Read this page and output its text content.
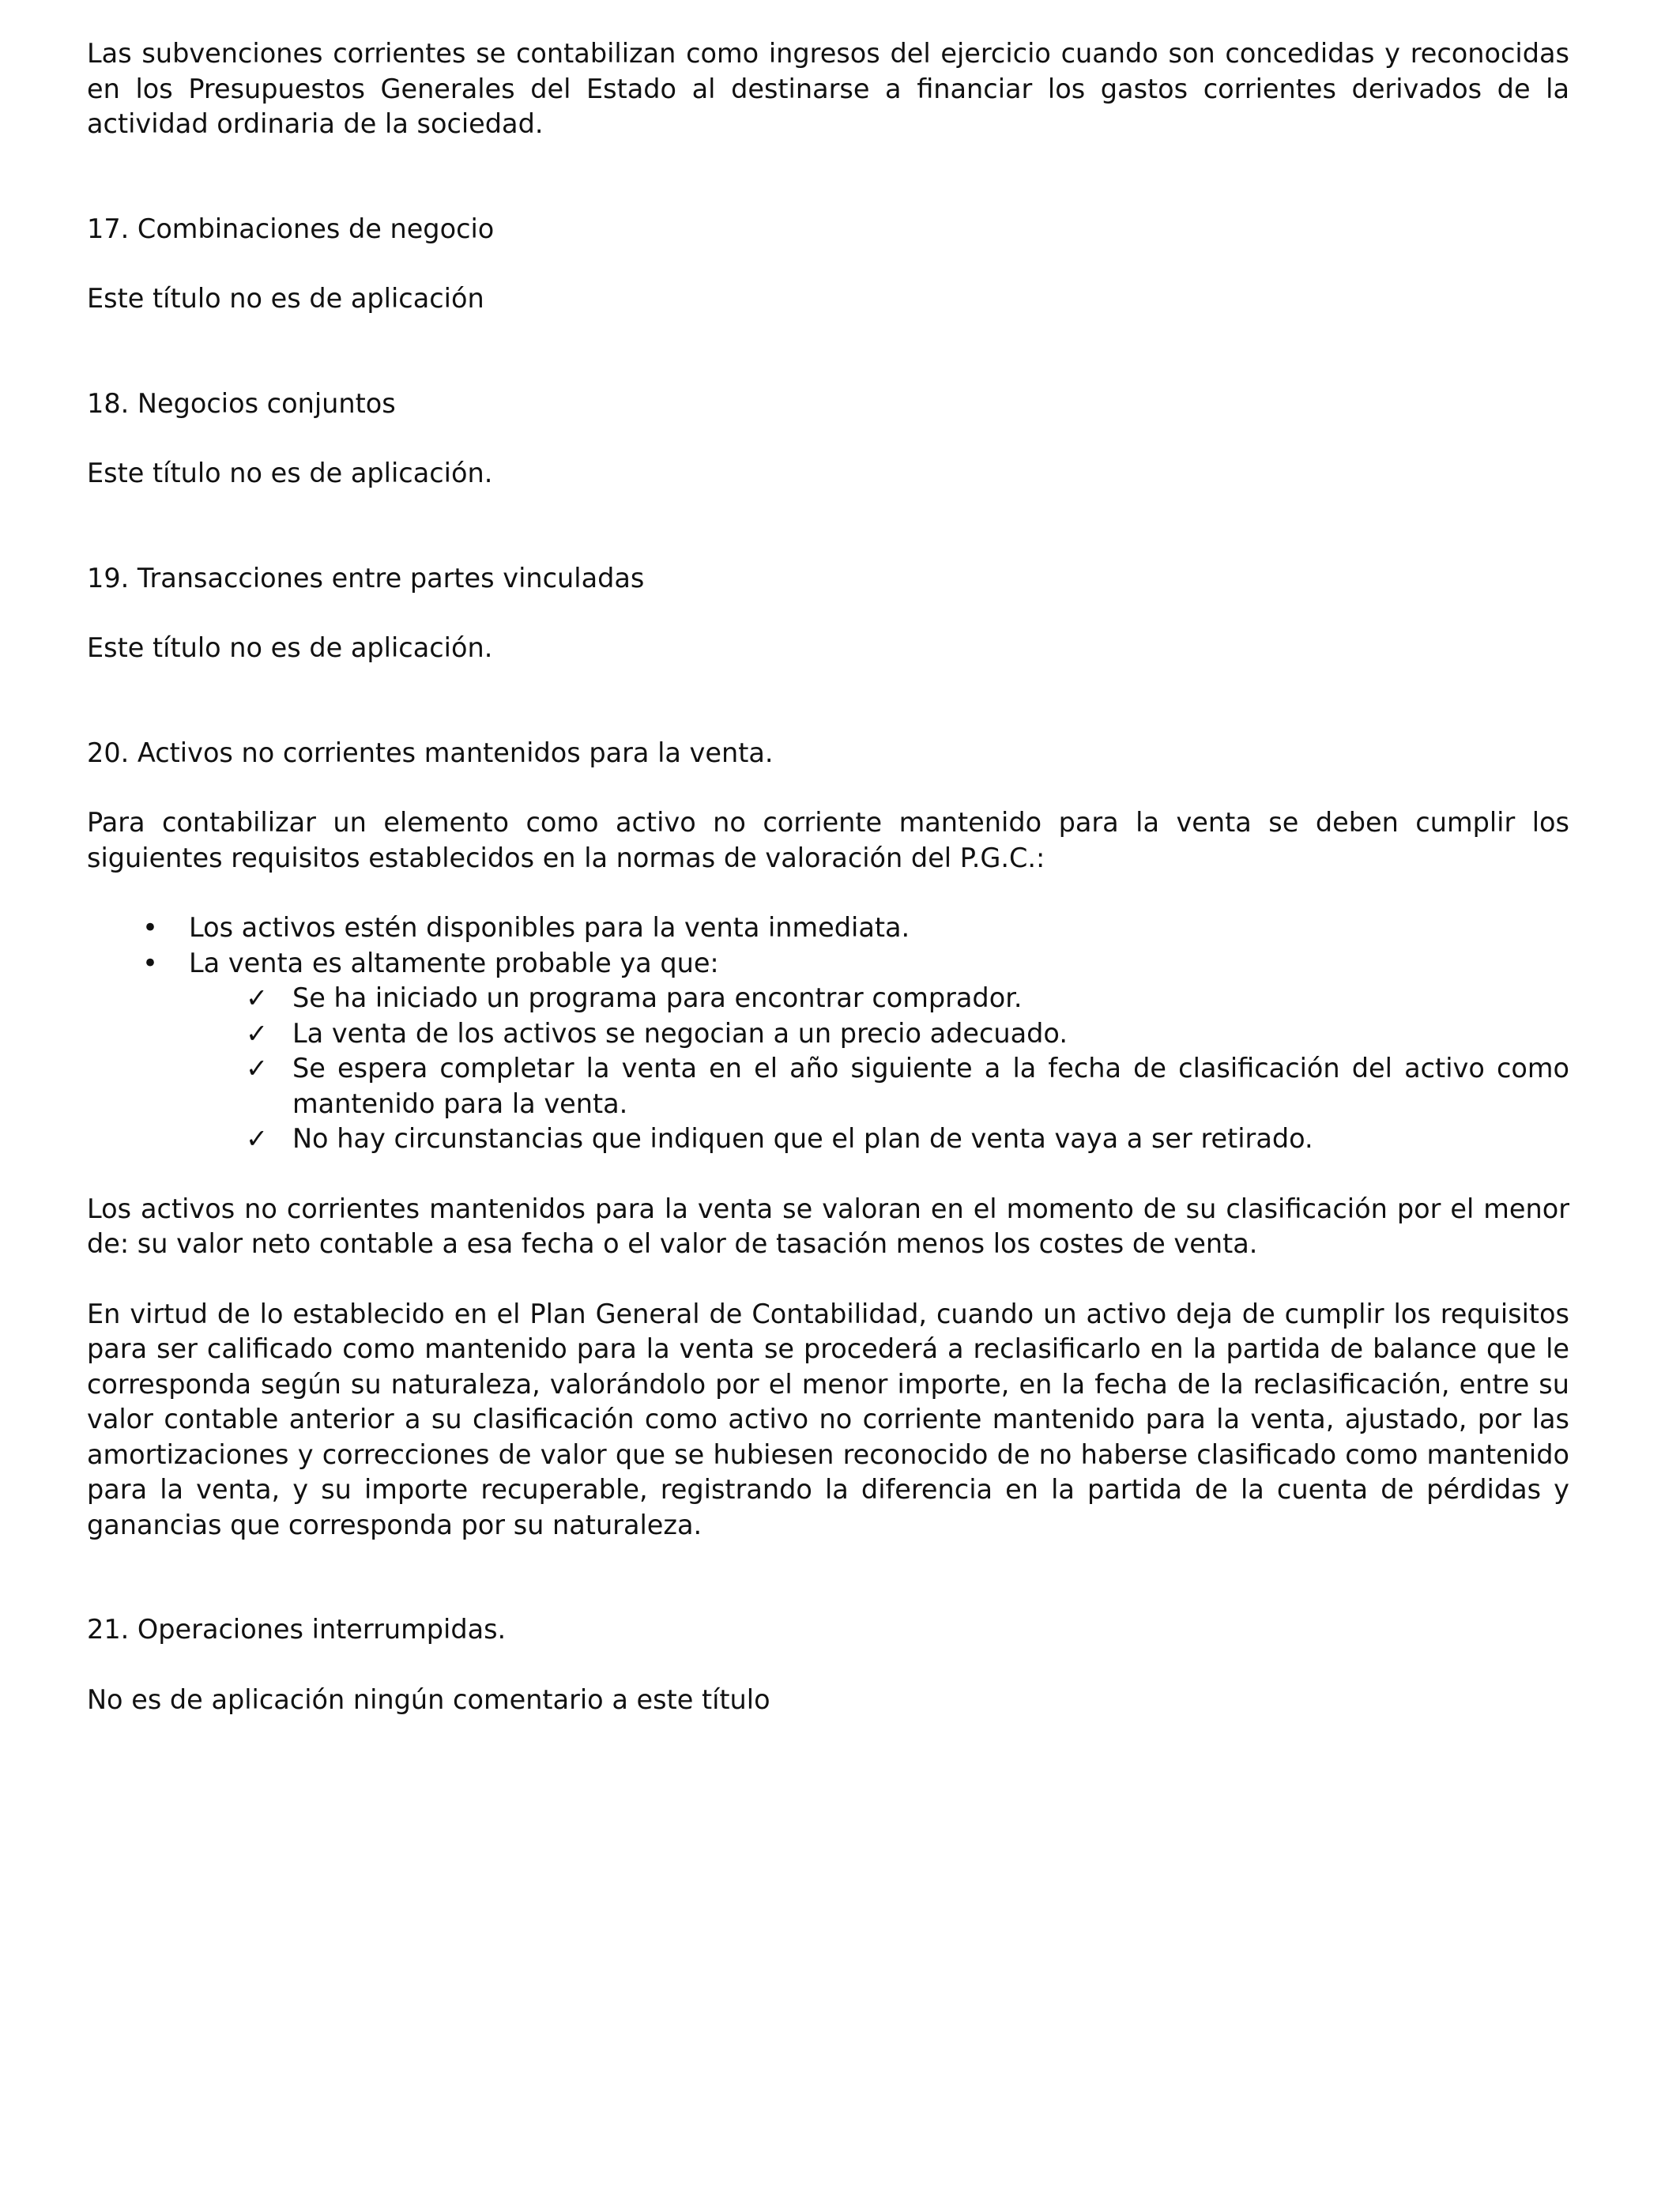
Las subvenciones corrientes se contabilizan como ingresos del ejercicio cuando son concedidas y reconocidas en los Presupuestos Generales del Estado al destinarse a financiar los gastos corrientes derivados de la actividad ordinaria de la sociedad.

17. Combinaciones de negocio

Este título no es de aplicación

18. Negocios conjuntos

Este título no es de aplicación.

19. Transacciones entre partes vinculadas

Este título no es de aplicación.

20. Activos no corrientes mantenidos para la venta.

Para contabilizar un elemento como activo no corriente mantenido para la venta se deben cumplir los siguientes requisitos establecidos en la normas de valoración del P.G.C.:

• Los activos estén disponibles para la venta inmediata.
• La venta es altamente probable ya que:
✓ Se ha iniciado un programa para encontrar comprador.
✓ La venta de los activos se negocian a un precio adecuado.
✓ Se espera completar la venta en el año siguiente a la fecha de clasificación del activo como mantenido para la venta.
✓ No hay circunstancias que indiquen que el plan de venta vaya a ser retirado.

Los activos no corrientes mantenidos para la venta se valoran en el momento de su clasificación por el menor de: su valor neto contable a esa fecha o el valor de tasación menos los costes de venta.

En virtud de lo establecido en el Plan General de Contabilidad, cuando un activo deja de cumplir los requisitos para ser calificado como mantenido para la venta se procederá a reclasificarlo en la partida de balance que le corresponda según su naturaleza, valorándolo por el menor importe, en la fecha de la reclasificación, entre su valor contable anterior a su clasificación como activo no corriente mantenido para la venta, ajustado, por las amortizaciones y correcciones de valor que se hubiesen reconocido de no haberse clasificado como mantenido para la venta, y su importe recuperable, registrando la diferencia en la partida de la cuenta de pérdidas y ganancias que corresponda por su naturaleza.

21. Operaciones interrumpidas.

No es de aplicación ningún comentario a este título
